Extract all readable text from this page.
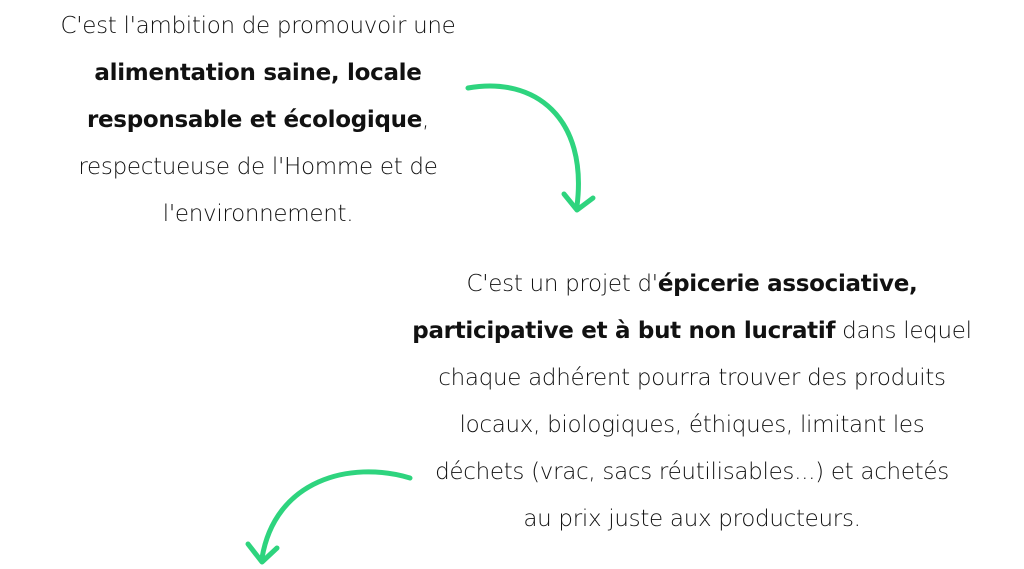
C'est l'ambition de promouvoir une
alimentation saine, locale
responsable et écologique,
respectueuse de l'Homme et de
l'environnement.
C'est un projet d'épicerie associative,
participative et à but non lucratif dans lequel
chaque adhérent pourra trouver des produits
locaux, biologiques, éthiques, limitant les
déchets (vrac, sacs réutilisables...) et achetés
au prix juste aux producteurs.
